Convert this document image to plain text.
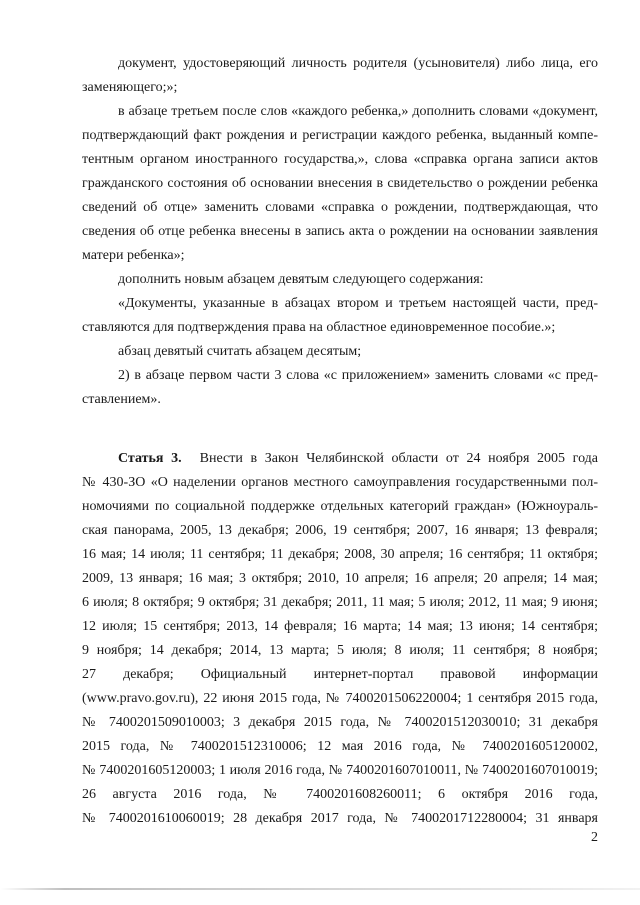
документ, удостоверяющий личность родителя (усыновителя) либо лица, его
заменяющего;»;
в абзаце третьем после слов «каждого ребенка,» дополнить словами «документ,
подтверждающий факт рождения и регистрации каждого ребенка, выданный компе-
тентным органом иностранного государства,», слова «справка органа записи актов
гражданского состояния об основании внесения в свидетельство о рождении ребенка
сведений об отце» заменить словами «справка о рождении, подтверждающая, что
сведения об отце ребенка внесены в запись акта о рождении на основании заявления
матери ребенка»;
дополнить новым абзацем девятым следующего содержания:
«Документы, указанные в абзацах втором и третьем настоящей части, пред-
ставляются для подтверждения права на областное единовременное пособие.»;
абзац девятый считать абзацем десятым;
2) в абзаце первом части 3 слова «с приложением» заменить словами «с пред-
ставлением».
Статья 3. Внести в Закон Челябинской области от 24 ноября 2005 года
№ 430-ЗО «О наделении органов местного самоуправления государственными пол-
номочиями по социальной поддержке отдельных категорий граждан» (Южноураль-
ская панорама, 2005, 13 декабря; 2006, 19 сентября; 2007, 16 января; 13 февраля;
16 мая; 14 июля; 11 сентября; 11 декабря; 2008, 30 апреля; 16 сентября; 11 октября;
2009, 13 января; 16 мая; 3 октября; 2010, 10 апреля; 16 апреля; 20 апреля; 14 мая;
6 июля; 8 октября; 9 октября; 31 декабря; 2011, 11 мая; 5 июля; 2012, 11 мая; 9 июня;
12 июля; 15 сентября; 2013, 14 февраля; 16 марта; 14 мая; 13 июня; 14 сентября;
9 ноября; 14 декабря; 2014, 13 марта; 5 июля; 8 июля; 11 сентября; 8 ноября;
27 декабря; Официальный интернет-портал правовой информации
(www.pravo.gov.ru), 22 июня 2015 года, № 7400201506220004; 1 сентября 2015 года,
№ 7400201509010003; 3 декабря 2015 года, № 7400201512030010; 31 декабря
2015 года, № 7400201512310006; 12 мая 2016 года, № 7400201605120002,
№ 7400201605120003; 1 июля 2016 года, № 7400201607010011, № 7400201607010019;
26 августа 2016 года, № 7400201608260011; 6 октября 2016 года,
№ 7400201610060019; 28 декабря 2017 года, № 7400201712280004; 31 января
2
